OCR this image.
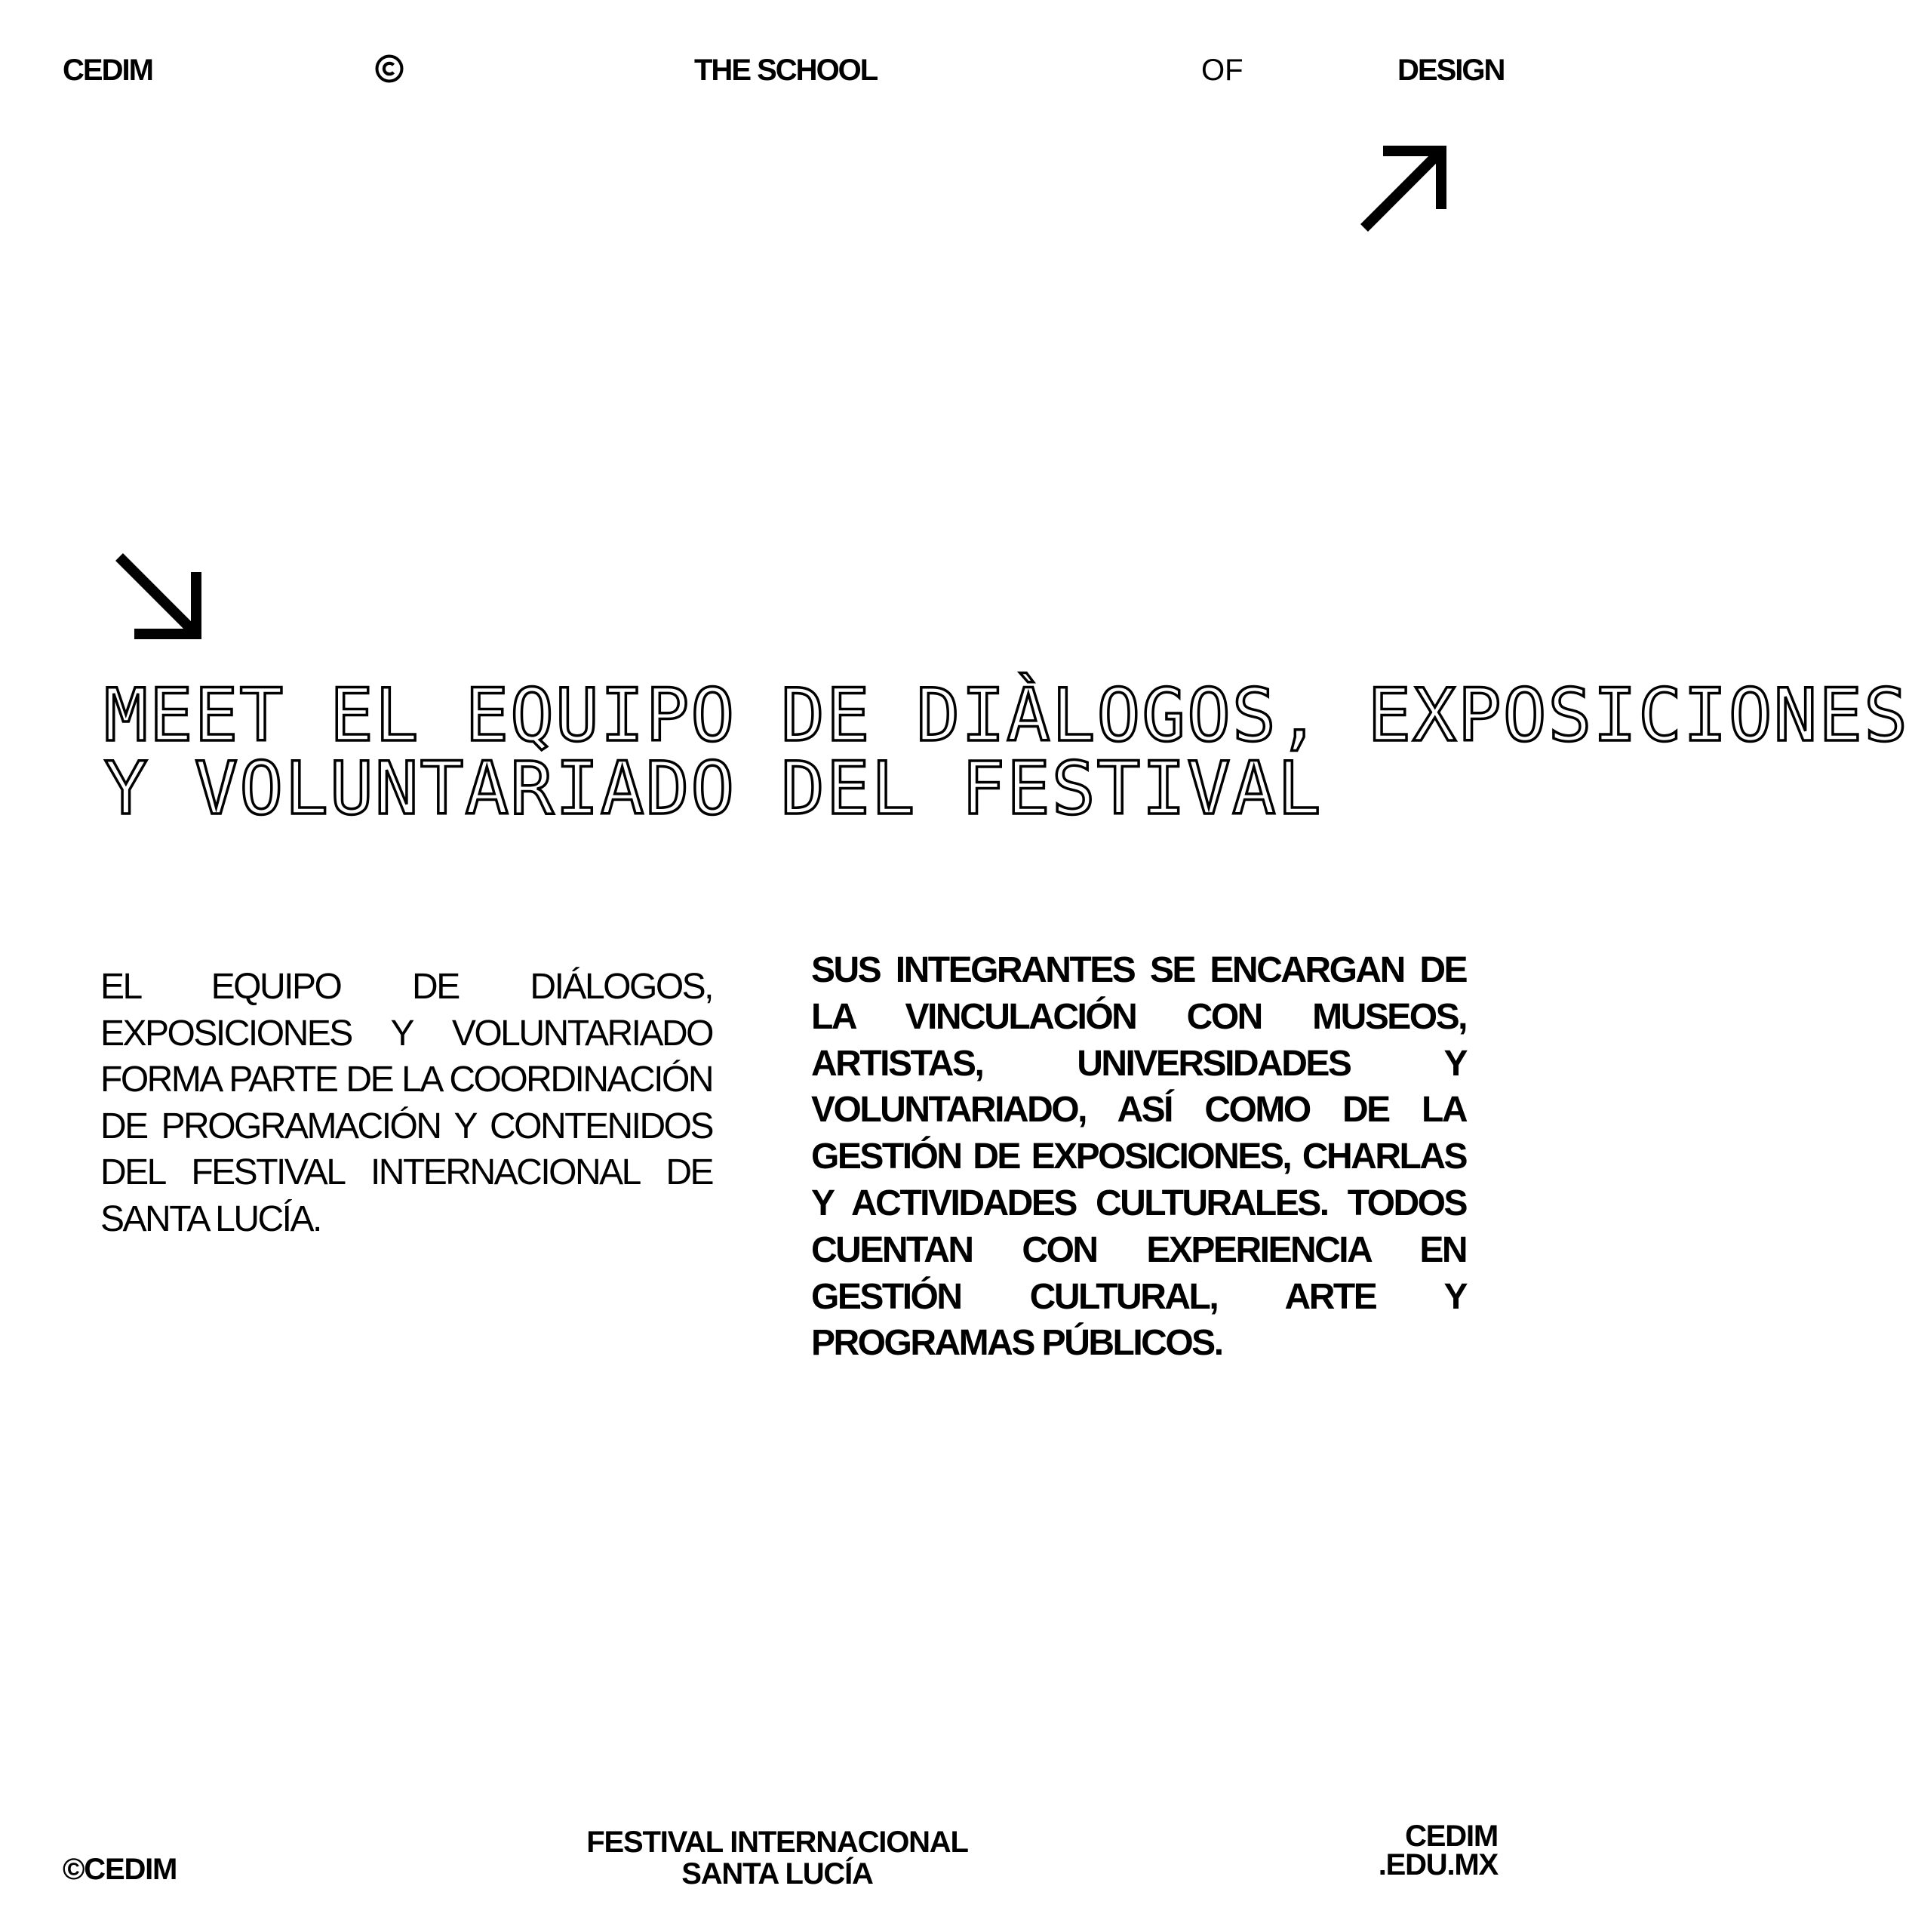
CEDIM	THE SCHOOL	OF	DESIGN
MEET EL EQUIPO DE DIÀLOGOS, EXPOSICIONES
Y VOLUNTARIADO DEL FESTIVAL
EL EQUIPO DE DIÁLOGOS, EXPOSICIONES Y VOLUNTARIADO FORMA PARTE DE LA COORDINACIÓN DE PROGRAMACIÓN Y CONTENIDOS DEL FESTIVAL INTERNACIONAL DE SANTA LUCÍA.
SUS INTEGRANTES SE ENCARGAN DE LA VINCULACIÓN CON MUSEOS, ARTISTAS, UNIVERSIDADES Y VOLUNTARIADO, ASÍ COMO DE LA GESTIÓN DE EXPOSICIONES, CHARLAS Y ACTIVIDADES CULTURALES. TODOS CUENTAN CON EXPERIENCIA EN GESTIÓN CULTURAL, ARTE Y PROGRAMAS PÚBLICOS.
©CEDIM
FESTIVAL INTERNACIONAL
SANTA LUCÍA
CEDIM
.EDU.MX
